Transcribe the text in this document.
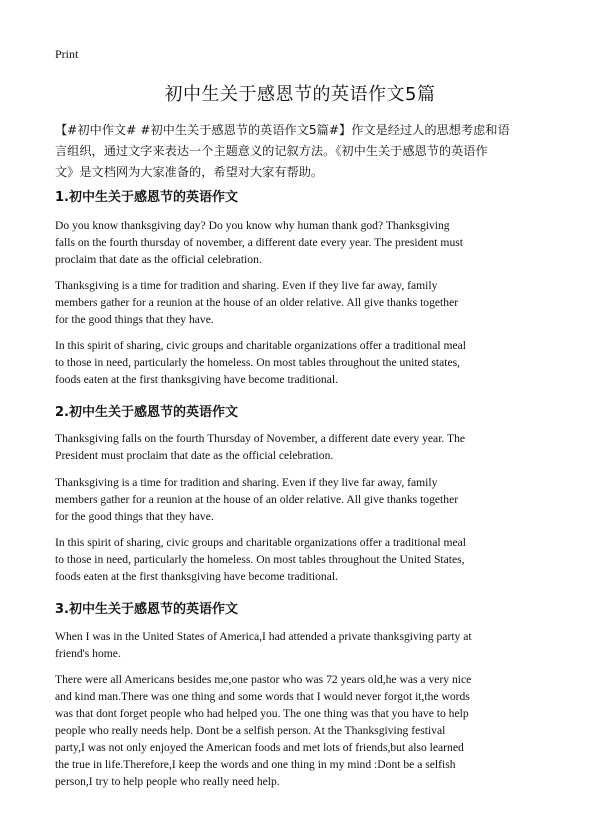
Print
初中生关于感恩节的英语作文5篇
【#初中作文# #初中生关于感恩节的英语作文5篇#】作文是经过人的思想考虑和语
言组织，通过文字来表达一个主题意义的记叙方法。《初中生关于感恩节的英语作
文》是文档网为大家准备的，希望对大家有帮助。
1.初中生关于感恩节的英语作文
Do you know thanksgiving day? Do you know why human thank god? Thanksgiving
falls on the fourth thursday of november, a different date every year. The president must
proclaim that date as the official celebration.
Thanksgiving is a time for tradition and sharing. Even if they live far away, family
members gather for a reunion at the house of an older relative. All give thanks together
for the good things that they have.
In this spirit of sharing, civic groups and charitable organizations offer a traditional meal
to those in need, particularly the homeless. On most tables throughout the united states,
foods eaten at the first thanksgiving have become traditional.
2.初中生关于感恩节的英语作文
Thanksgiving falls on the fourth Thursday of November, a different date every year. The
President must proclaim that date as the official celebration.
Thanksgiving is a time for tradition and sharing. Even if they live far away, family
members gather for a reunion at the house of an older relative. All give thanks together
for the good things that they have.
In this spirit of sharing, civic groups and charitable organizations offer a traditional meal
to those in need, particularly the homeless. On most tables throughout the United States,
foods eaten at the first thanksgiving have become traditional.
3.初中生关于感恩节的英语作文
When I was in the United States of America,I had attended a private thanksgiving party at
friend's home.
There were all Americans besides me,one pastor who was 72 years old,he was a very nice
and kind man.There was one thing and some words that I would never forgot it,the words
was that dont forget people who had helped you. The one thing was that you have to help
people who really needs help. Dont be a selfish person. At the Thanksgiving festival
party,I was not only enjoyed the American foods and met lots of friends,but also learned
the true in life.Therefore,I keep the words and one thing in my mind :Dont be a selfish
person,I try to help people who really need help.
